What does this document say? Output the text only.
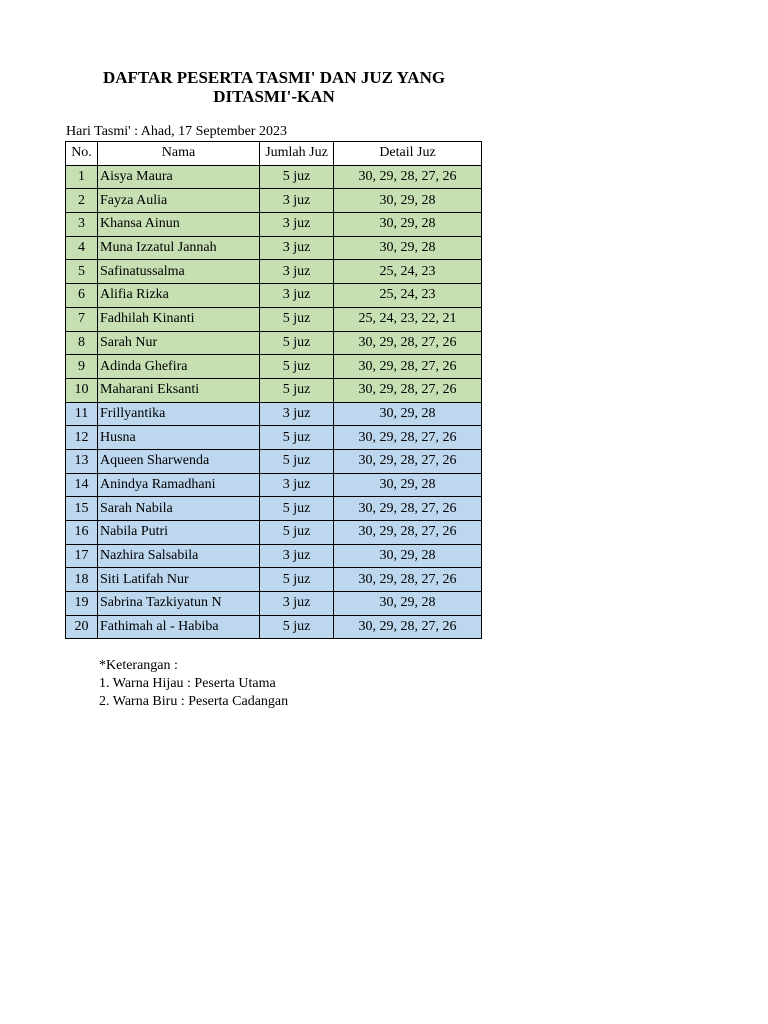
DAFTAR PESERTA TASMI' DAN JUZ YANG DITASMI'-KAN
Hari Tasmi' : Ahad, 17 September 2023
No.	Nama	Jumlah Juz	Detail Juz
1	Aisya Maura	5 juz	30, 29, 28, 27, 26
2	Fayza Aulia	3 juz	30, 29, 28
3	Khansa Ainun	3 juz	30, 29, 28
4	Muna Izzatul Jannah	3 juz	30, 29, 28
5	Safinatussalma	3 juz	25, 24, 23
6	Alifia Rizka	3 juz	25, 24, 23
7	Fadhilah Kinanti	5 juz	25, 24, 23, 22, 21
8	Sarah Nur	5 juz	30, 29, 28, 27, 26
9	Adinda Ghefira	5 juz	30, 29, 28, 27, 26
10	Maharani Eksanti	5 juz	30, 29, 28, 27, 26
11	Frillyantika	3 juz	30, 29, 28
12	Husna	5 juz	30, 29, 28, 27, 26
13	Aqueen Sharwenda	5 juz	30, 29, 28, 27, 26
14	Anindya Ramadhani	3 juz	30, 29, 28
15	Sarah Nabila	5 juz	30, 29, 28, 27, 26
16	Nabila Putri	5 juz	30, 29, 28, 27, 26
17	Nazhira Salsabila	3 juz	30, 29, 28
18	Siti Latifah Nur	5 juz	30, 29, 28, 27, 26
19	Sabrina Tazkiyatun N	3 juz	30, 29, 28
20	Fathimah al - Habiba	5 juz	30, 29, 28, 27, 26
*Keterangan :
1. Warna Hijau : Peserta Utama
2. Warna Biru : Peserta Cadangan
